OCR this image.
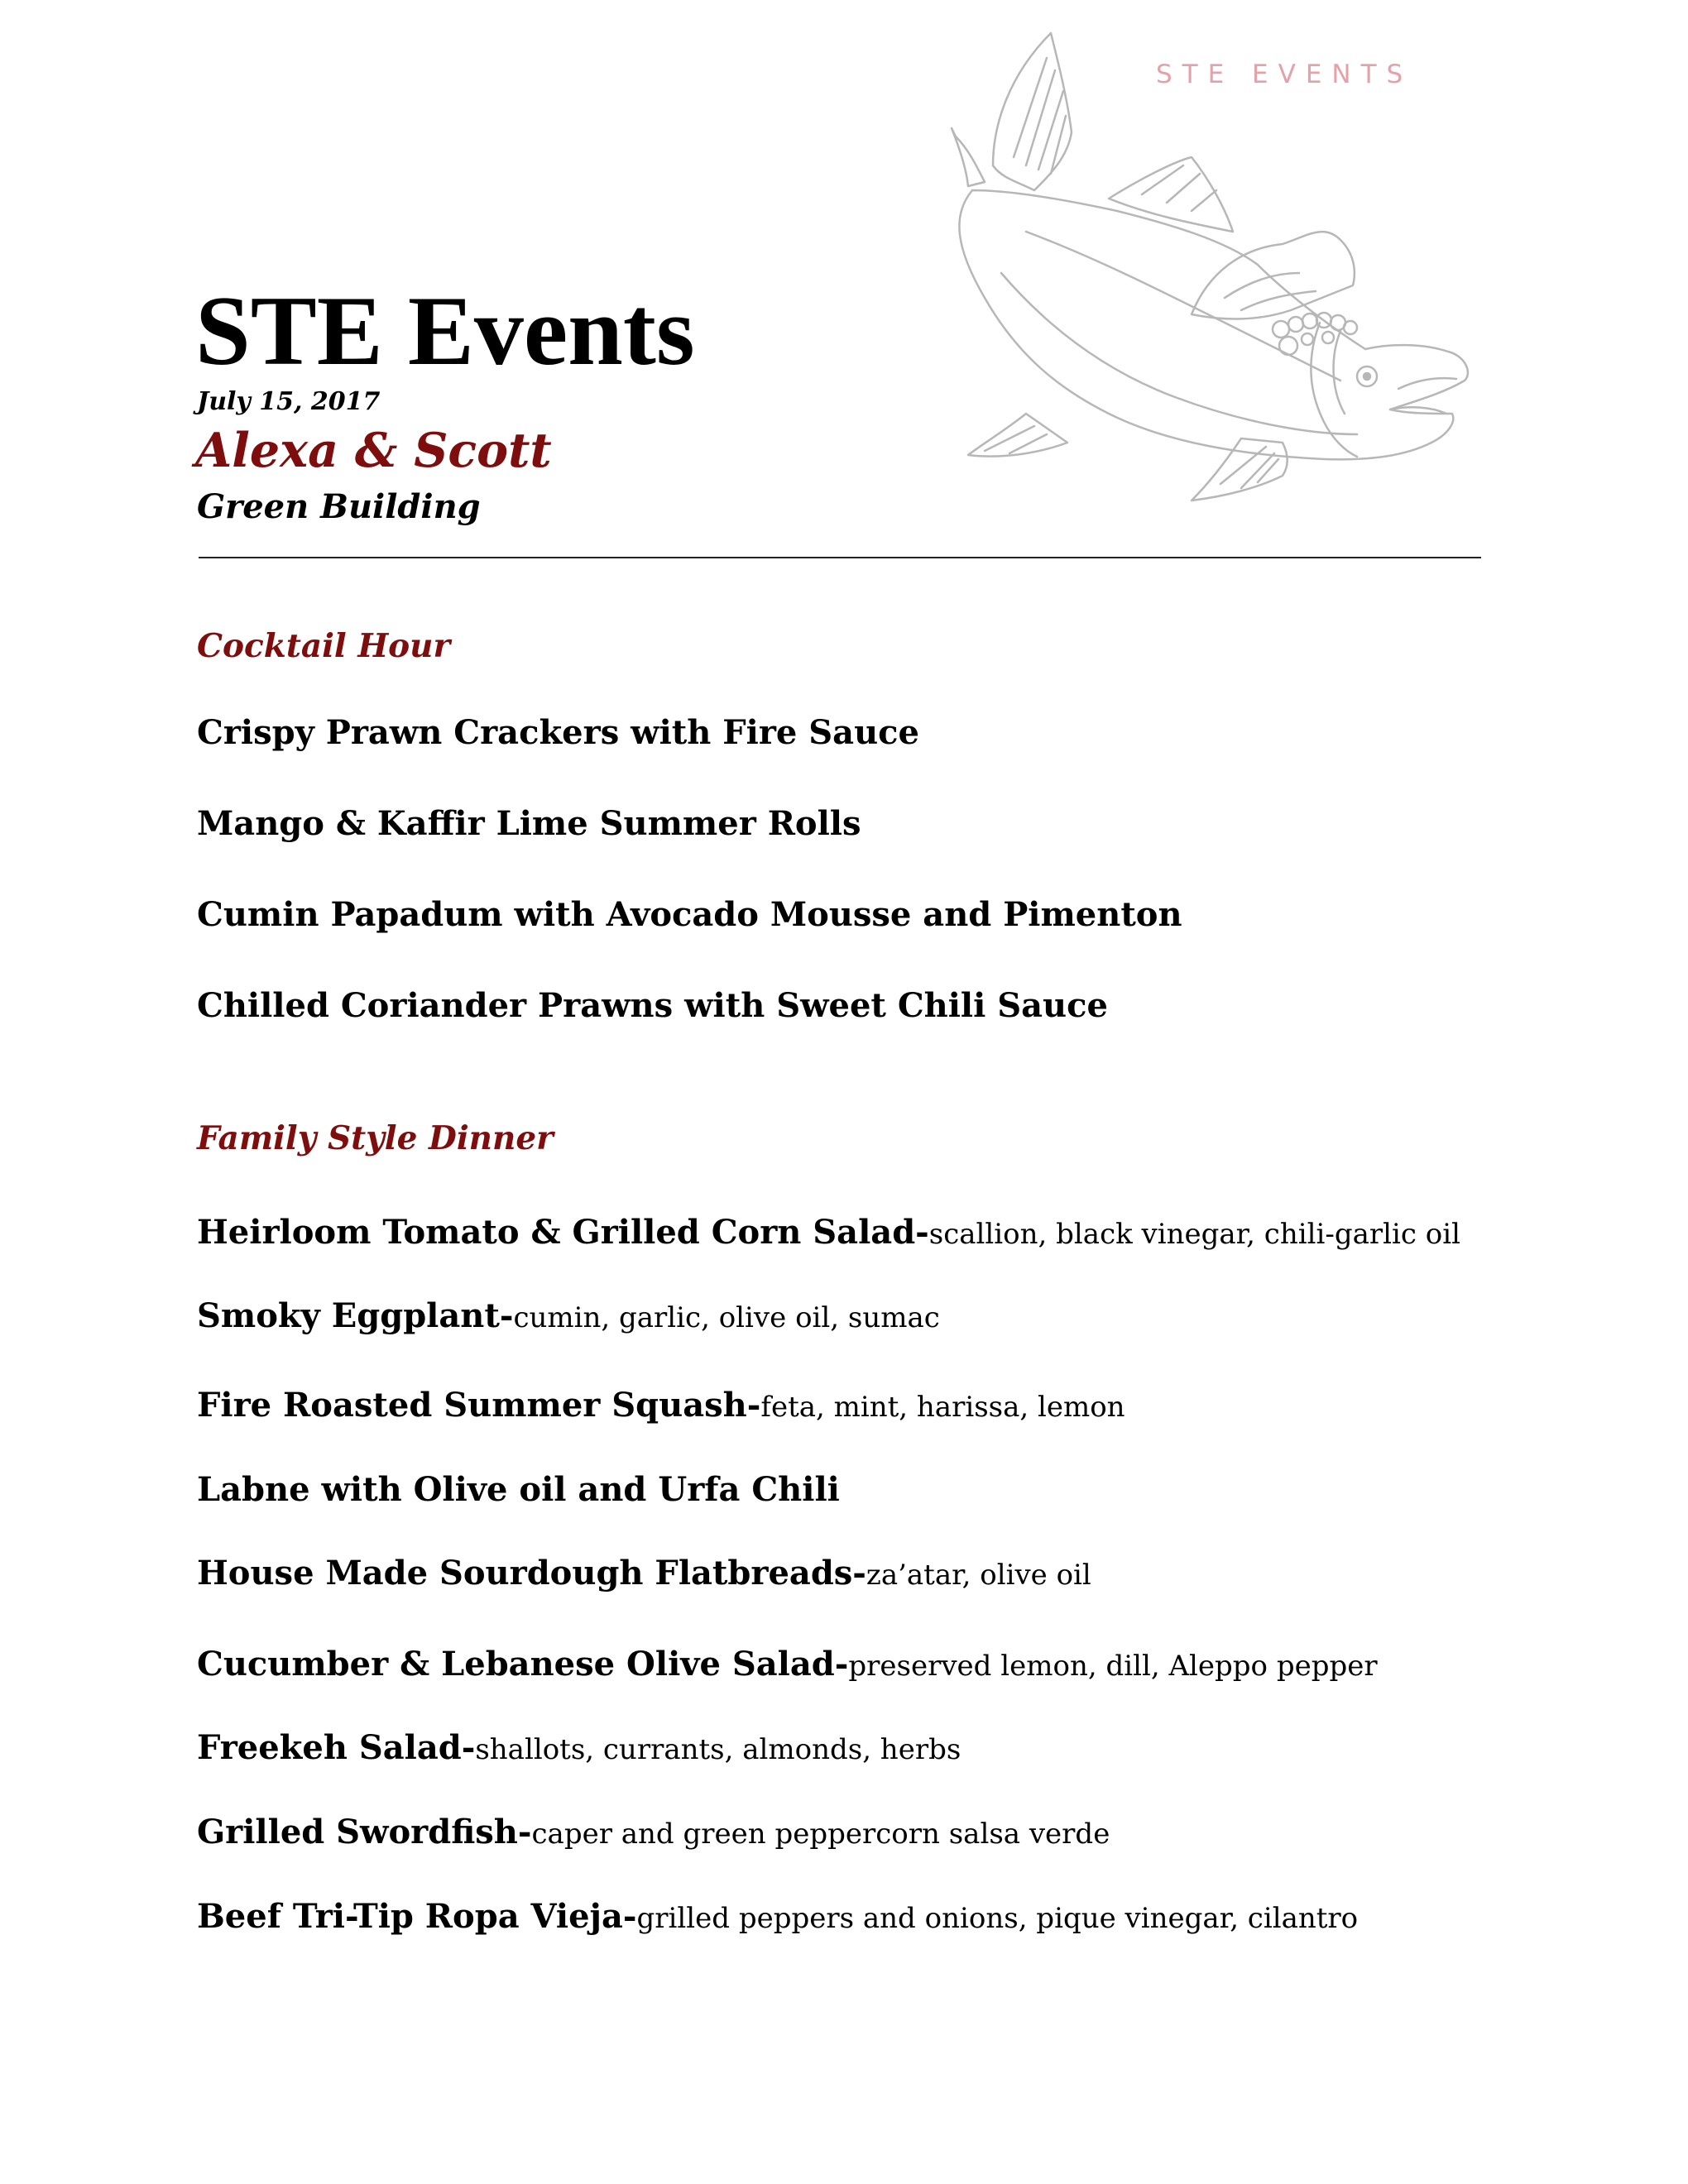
STE EVENTS
STE Events
July 15, 2017
Alexa & Scott
Green Building
Cocktail Hour
Crispy Prawn Crackers with Fire Sauce
Mango & Kaffir Lime Summer Rolls
Cumin Papadum with Avocado Mousse and Pimenton
Chilled Coriander Prawns with Sweet Chili Sauce
Family Style Dinner
Heirloom Tomato & Grilled Corn Salad-scallion, black vinegar, chili-garlic oil
Smoky Eggplant-cumin, garlic, olive oil, sumac
Fire Roasted Summer Squash-feta, mint, harissa, lemon
Labne with Olive oil and Urfa Chili
House Made Sourdough Flatbreads-za’atar, olive oil
Cucumber & Lebanese Olive Salad-preserved lemon, dill, Aleppo pepper
Freekeh Salad-shallots, currants, almonds, herbs
Grilled Swordfish-caper and green peppercorn salsa verde
Beef Tri-Tip Ropa Vieja-grilled peppers and onions, pique vinegar, cilantro
